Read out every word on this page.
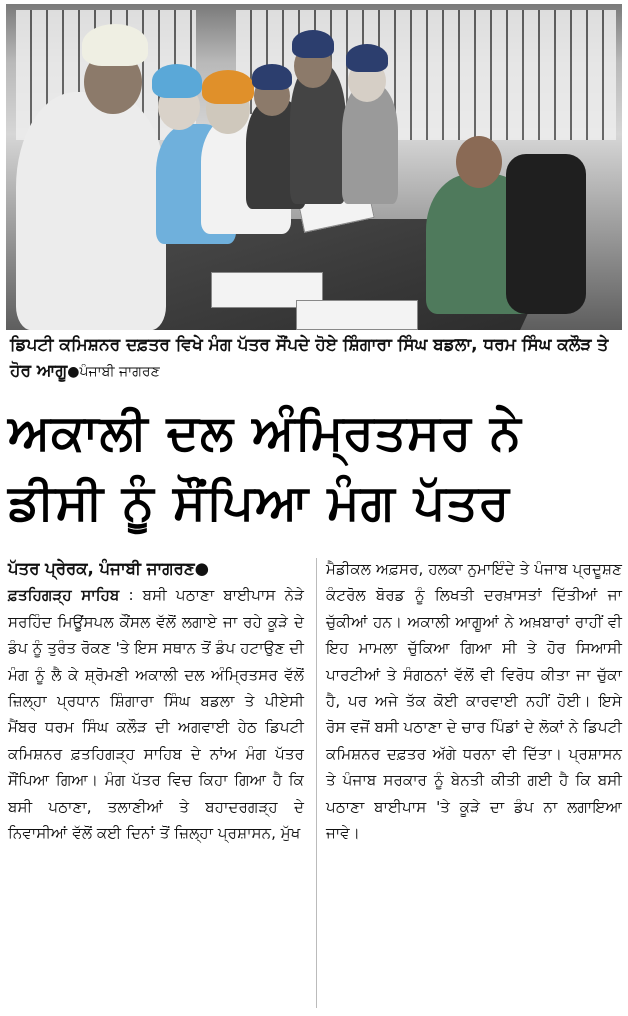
ਡਿਪਟੀ ਕਮਿਸ਼ਨਰ ਦਫ਼ਤਰ ਵਿਖੇ ਮੰਗ ਪੱਤਰ ਸੌਂਪਦੇ ਹੋਏ ਸ਼ਿੰਗਾਰਾ ਸਿੰਘ ਬਡਲਾ, ਧਰਮ ਸਿੰਘ ਕਲੌੜ ਤੇ ਹੋਰ ਆਗੂ●ਪੰਜਾਬੀ ਜਾਗਰਣ
ਅਕਾਲੀ ਦਲ ਅੰਮ੍ਰਿਤਸਰ ਨੇ
ਡੀਸੀ ਨੂੰ ਸੌਂਪਿਆ ਮੰਗ ਪੱਤਰ
ਪੱਤਰ ਪ੍ਰੇਰਕ, ਪੰਜਾਬੀ ਜਾਗਰਣ●
ਫ਼ਤਹਿਗੜ੍ਹ ਸਾਹਿਬ : ਬਸੀ ਪਠਾਣਾ ਬਾਈਪਾਸ ਨੇੜੇ ਸਰਹਿੰਦ ਮਿਊਂਸਪਲ ਕੌਂਸਲ ਵੱਲੋਂ ਲਗਾਏ ਜਾ ਰਹੇ ਕੂੜੇ ਦੇ ਡੰਪ ਨੂੰ ਤੁਰੰਤ ਰੋਕਣ 'ਤੇ ਇਸ ਸਥਾਨ ਤੋਂ ਡੰਪ ਹਟਾਉਣ ਦੀ ਮੰਗ ਨੂੰ ਲੈ ਕੇ ਸ਼੍ਰੋਮਣੀ ਅਕਾਲੀ ਦਲ ਅੰਮ੍ਰਿਤਸਰ ਵੱਲੋਂ ਜ਼ਿਲ੍ਹਾ ਪ੍ਰਧਾਨ ਸ਼ਿੰਗਾਰਾ ਸਿੰਘ ਬਡਲਾ ਤੇ ਪੀਏਸੀ ਮੈਂਬਰ ਧਰਮ ਸਿੰਘ ਕਲੌੜ ਦੀ ਅਗਵਾਈ ਹੇਠ ਡਿਪਟੀ ਕਮਿਸ਼ਨਰ ਫ਼ਤਹਿਗੜ੍ਹ ਸਾਹਿਬ ਦੇ ਨਾਂਅ ਮੰਗ ਪੱਤਰ ਸੌਂਪਿਆ ਗਿਆ। ਮੰਗ ਪੱਤਰ ਵਿਚ ਕਿਹਾ ਗਿਆ ਹੈ ਕਿ ਬਸੀ ਪਠਾਣਾ, ਤਲਾਣੀਆਂ ਤੇ ਬਹਾਦਰਗੜ੍ਹ ਦੇ ਨਿਵਾਸੀਆਂ ਵੱਲੋਂ ਕਈ ਦਿਨਾਂ ਤੋਂ ਜ਼ਿਲ੍ਹਾ ਪ੍ਰਸ਼ਾਸਨ, ਮੁੱਖ
ਮੈਡੀਕਲ ਅਫ਼ਸਰ, ਹਲਕਾ ਨੁਮਾਇੰਦੇ ਤੇ ਪੰਜਾਬ ਪ੍ਰਦੂਸ਼ਣ ਕੰਟਰੋਲ ਬੋਰਡ ਨੂੰ ਲਿਖਤੀ ਦਰਖ਼ਾਸਤਾਂ ਦਿੱਤੀਆਂ ਜਾ ਚੁੱਕੀਆਂ ਹਨ। ਅਕਾਲੀ ਆਗੂਆਂ ਨੇ ਅਖ਼ਬਾਰਾਂ ਰਾਹੀਂ ਵੀ ਇਹ ਮਾਮਲਾ ਚੁੱਕਿਆ ਗਿਆ ਸੀ ਤੇ ਹੋਰ ਸਿਆਸੀ ਪਾਰਟੀਆਂ ਤੇ ਸੰਗਠਨਾਂ ਵੱਲੋਂ ਵੀ ਵਿਰੋਧ ਕੀਤਾ ਜਾ ਚੁੱਕਾ ਹੈ, ਪਰ ਅਜੇ ਤੱਕ ਕੋਈ ਕਾਰਵਾਈ ਨਹੀਂ ਹੋਈ। ਇਸੇ ਰੋਸ ਵਜੋਂ ਬਸੀ ਪਠਾਣਾ ਦੇ ਚਾਰ ਪਿੰਡਾਂ ਦੇ ਲੋਕਾਂ ਨੇ ਡਿਪਟੀ ਕਮਿਸ਼ਨਰ ਦਫ਼ਤਰ ਅੱਗੇ ਧਰਨਾ ਵੀ ਦਿੱਤਾ। ਪ੍ਰਸ਼ਾਸਨ ਤੇ ਪੰਜਾਬ ਸਰਕਾਰ ਨੂੰ ਬੇਨਤੀ ਕੀਤੀ ਗਈ ਹੈ ਕਿ ਬਸੀ ਪਠਾਣਾ ਬਾਈਪਾਸ 'ਤੇ ਕੂੜੇ ਦਾ ਡੰਪ ਨਾ ਲਗਾਇਆ ਜਾਵੇ।
